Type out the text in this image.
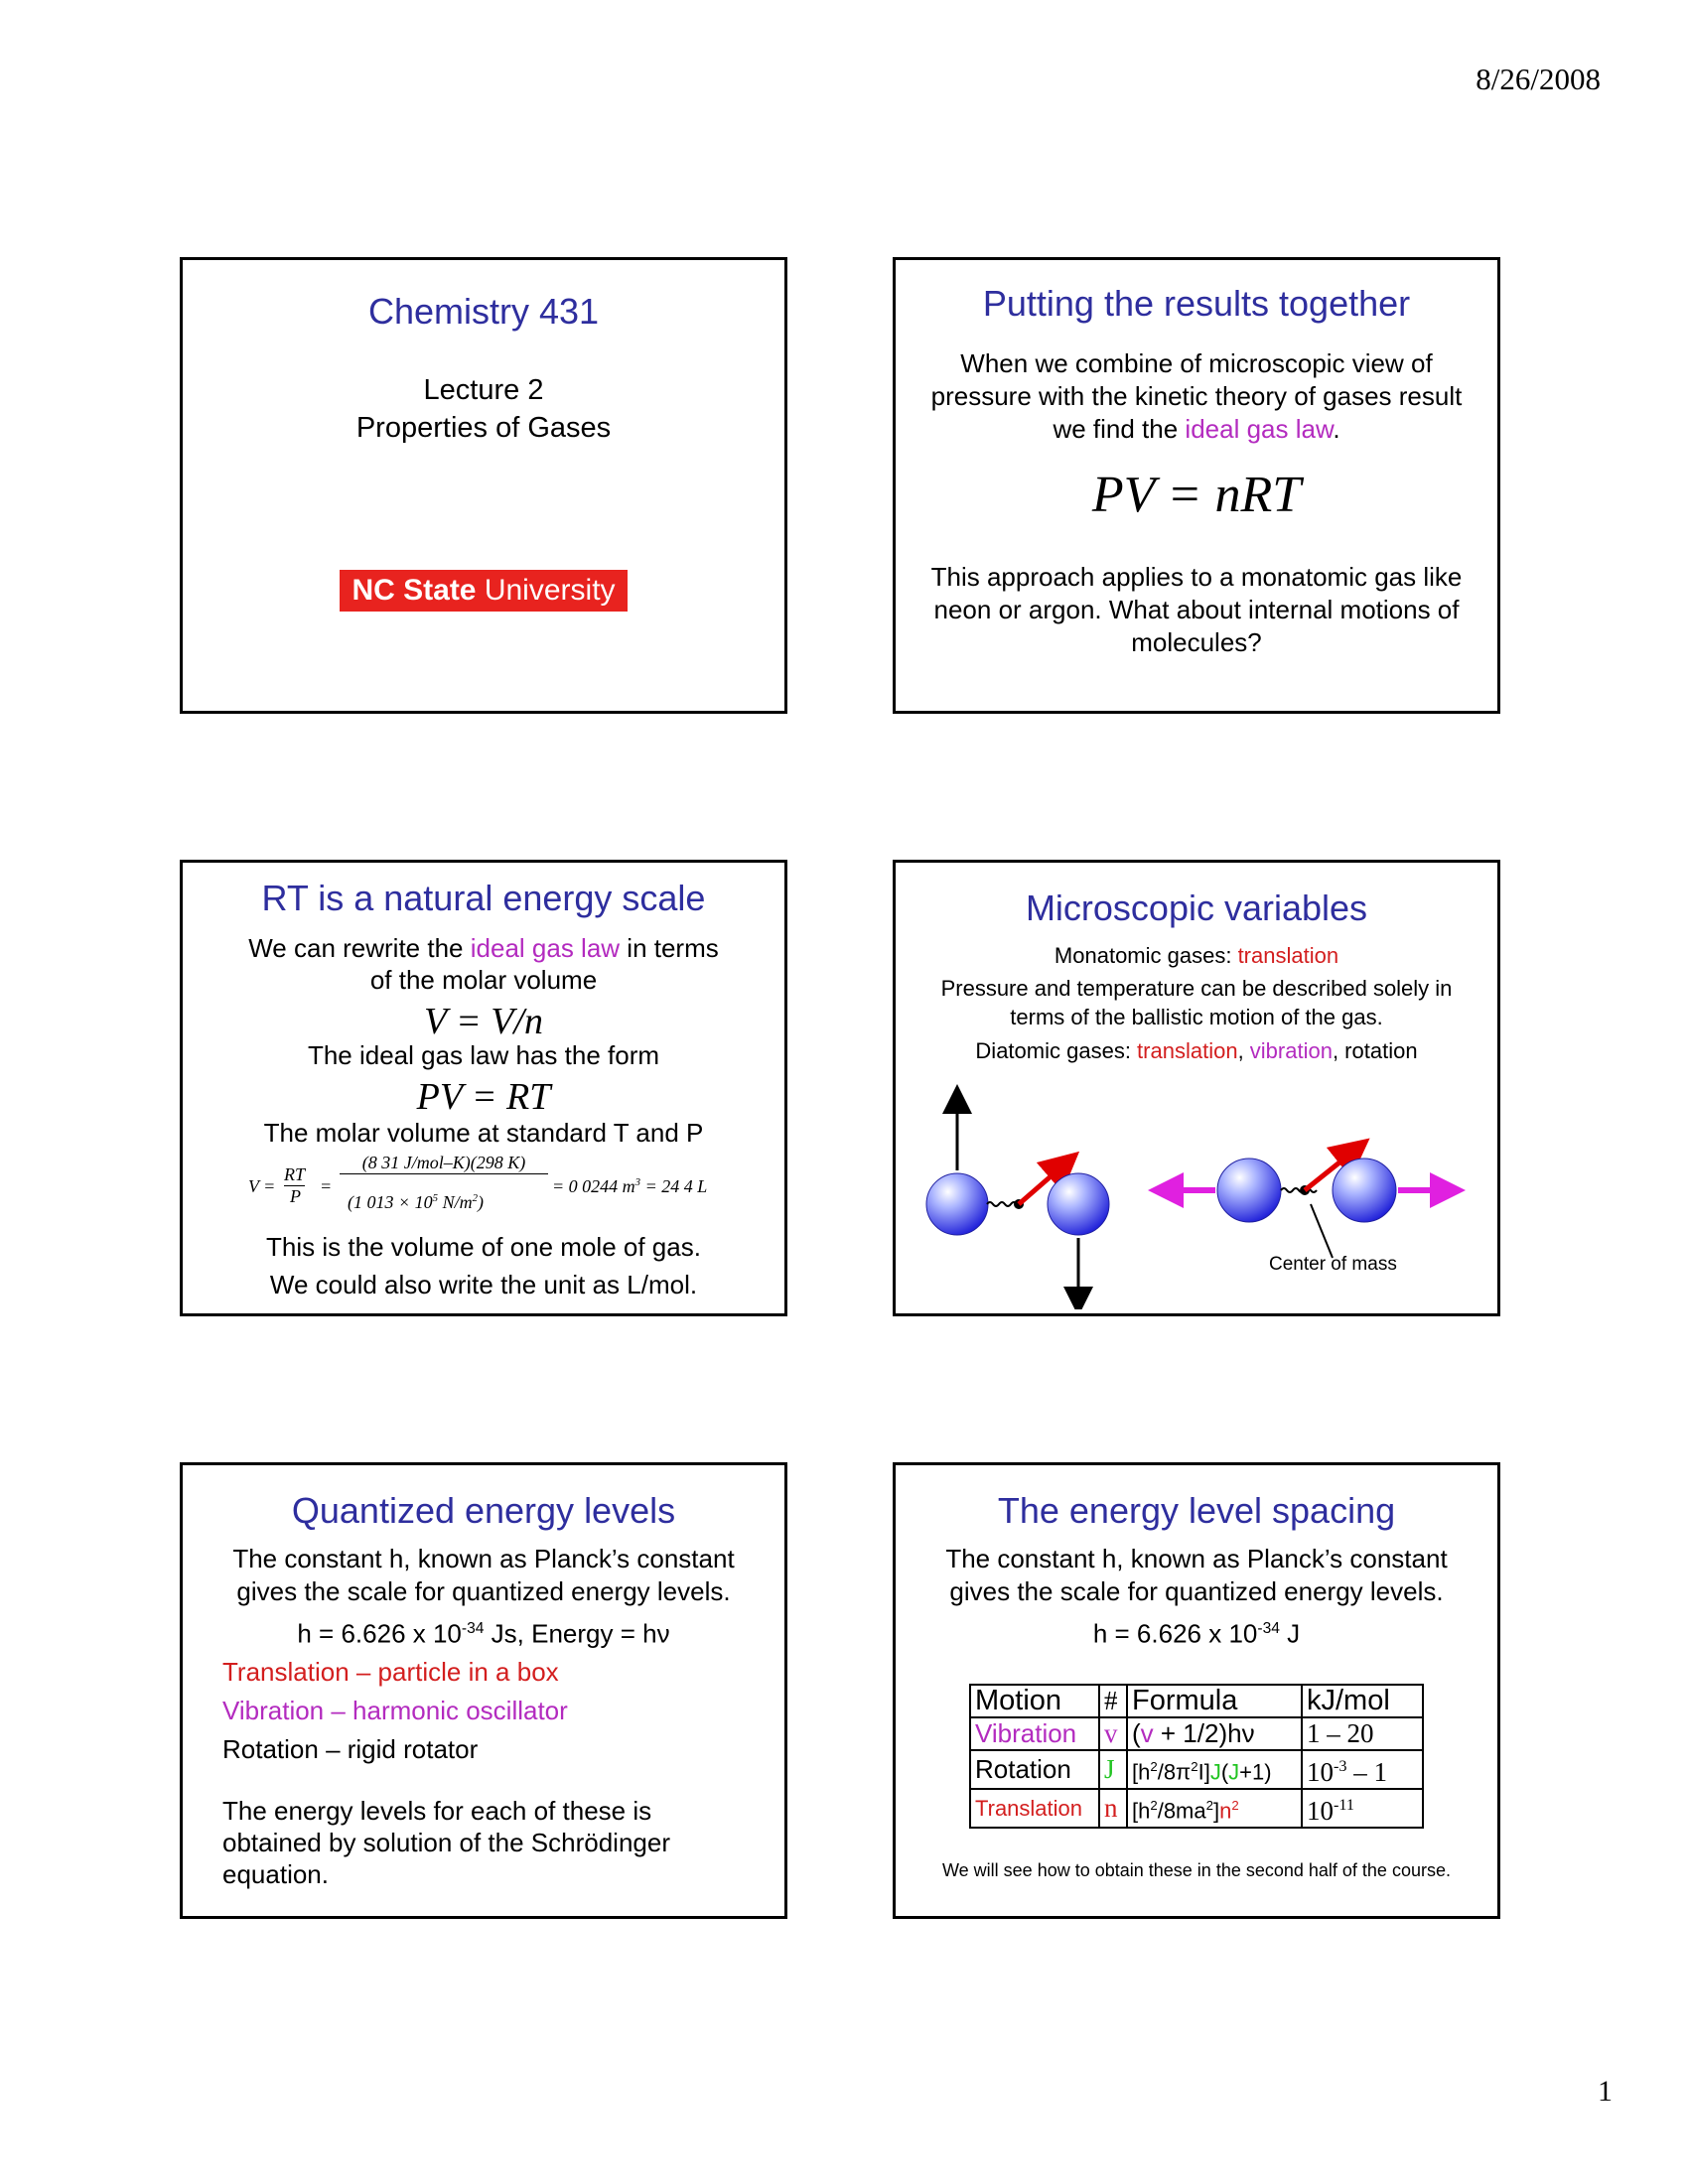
8/26/2008
Chemistry 431
Lecture 2
Properties of Gases
NC State University
Putting the results together
When we combine of microscopic view of pressure with the kinetic theory of gases result we find the ideal gas law.
PV = nRT
This approach applies to a monatomic gas like neon or argon. What about internal motions of molecules?
RT is a natural energy scale
We can rewrite the ideal gas law in terms
of the molar volume
V = V/n
The ideal gas law has the form
PV = RT
The molar volume at standard T and P
V =
RT
P =
(8 31 J/mol–K)(298 K)
(1 $013 \times 10^5$ $N/m^2$)
= 0 0244 $m^3 = 24$ 4 L
This is the volume of one mole of gas.
We could also write the unit as L/mol.
Microscopic variables
Monatomic gases: translation
Pressure and temperature can be described solely in terms of the ballistic motion of the gas.
Diatomic gases: translation, vibration, rotation
Center of mass
Quantized energy levels
The constant h, known as Planck’s constant gives the scale for quantized energy levels.
h = 6.626 x $10^{-34}$ Js, Energy = hν
Translation – particle in a box
Vibration – harmonic oscillator
Rotation – rigid rotator
The energy levels for each of these is obtained by solution of the Schrödinger equation.
The energy level spacing
The constant h, known as Planck’s constant gives the scale for quantized energy levels.
h = 6.626 x $10^{-34}$ J
Motion	#	Formula	kJ/mol
Vibration	v	(v + 1/2)hν	1 – 20
Rotation	J	$[h^2/8\pi^2I]J(J+1)$	$10^{-3} - 1$
Translation	n	$[h^2/8ma^2]n^2$	$10^{-11}$
We will see how to obtain these in the second half of the course.
1
